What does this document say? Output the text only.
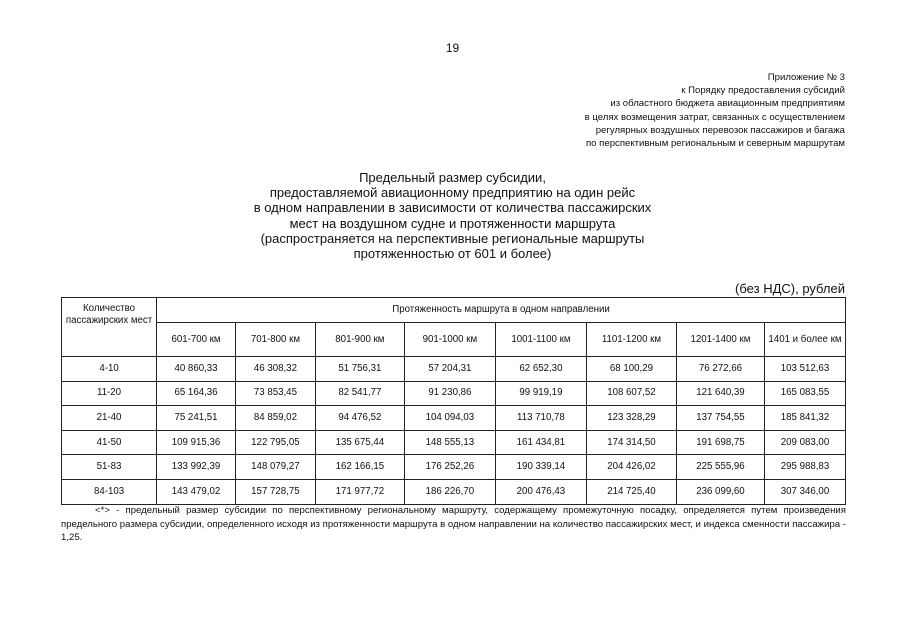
19
Приложение № 3
к Порядку предоставления субсидий
из областного бюджета авиационным предприятиям
в целях возмещения затрат, связанных с осуществлением
регулярных воздушных перевозок пассажиров и багажа
по перспективным региональным и северным маршрутам
Предельный размер субсидии,
предоставляемой авиационному предприятию на один рейс
в одном направлении в зависимости от количества пассажирских
мест на воздушном судне и протяженности маршрута
(распространяется на перспективные региональные маршруты
протяженностью от 601 и более)
(без НДС), рублей
Количество пассажирских мест	Протяженность маршрута в одном направлении							
	601-700 км	701-800 км	801-900 км	901-1000 км	1001-1100 км	1101-1200 км	1201-1400 км	1401 и более км
4-10	40 860,33	46 308,32	51 756,31	57 204,31	62 652,30	68 100,29	76 272,66	103 512,63
11-20	65 164,36	73 853,45	82 541,77	91 230,86	99 919,19	108 607,52	121 640,39	165 083,55
21-40	75 241,51	84 859,02	94 476,52	104 094,03	113 710,78	123 328,29	137 754,55	185 841,32
41-50	109 915,36	122 795,05	135 675,44	148 555,13	161 434,81	174 314,50	191 698,75	209 083,00
51-83	133 992,39	148 079,27	162 166,15	176 252,26	190 339,14	204 426,02	225 555,96	295 988,83
84-103	143 479,02	157 728,75	171 977,72	186 226,70	200 476,43	214 725,40	236 099,60	307 346,00
<*> - предельный размер субсидии по перспективному региональному маршруту, содержащему промежуточную посадку, определяется путем произведения предельного размера субсидии, определенного исходя из протяженности маршрута в одном направлении на количество пассажирских мест, и индекса сменности пассажира - 1,25.
